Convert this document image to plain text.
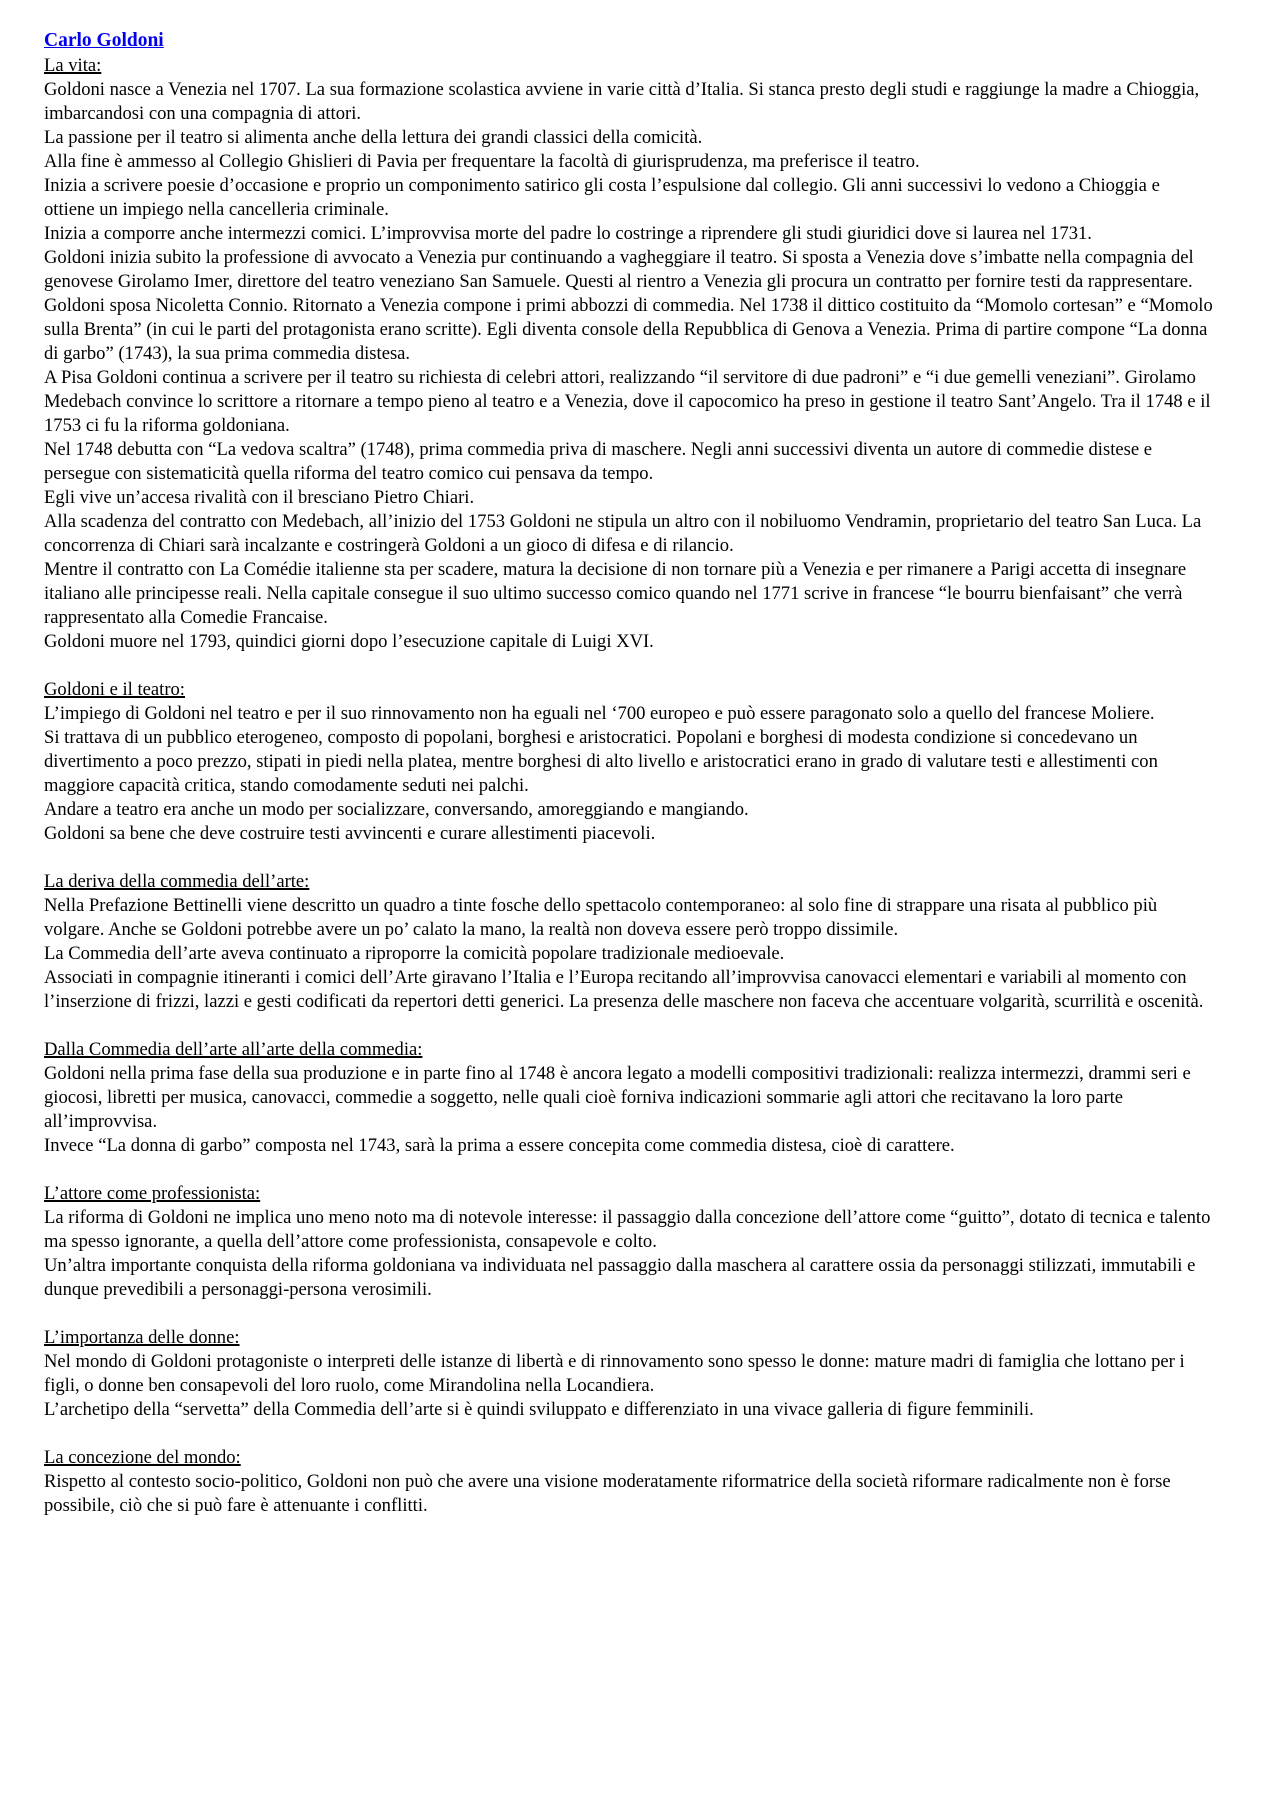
Carlo Goldoni
La vita:

Goldoni nasce a Venezia nel 1707. La sua formazione scolastica avviene in varie città d’Italia. Si stanca presto degli studi e raggiunge la madre a Chioggia, imbarcandosi con una compagnia di attori.

La passione per il teatro si alimenta anche della lettura dei grandi classici della comicità.

Alla fine è ammesso al Collegio Ghislieri di Pavia per frequentare la facoltà di giurisprudenza, ma preferisce il teatro.

Inizia a scrivere poesie d’occasione e proprio un componimento satirico gli costa l’espulsione dal collegio. Gli anni successivi lo vedono a Chioggia e ottiene un impiego nella cancelleria criminale.

Inizia a comporre anche intermezzi comici. L’improvvisa morte del padre lo costringe a riprendere gli studi giuridici dove si laurea nel 1731.

Goldoni inizia subito la professione di avvocato a Venezia pur continuando a vagheggiare il teatro. Si sposta a Venezia dove s’imbatte nella compagnia del genovese Girolamo Imer, direttore del teatro veneziano San Samuele. Questi al rientro a Venezia gli procura un contratto per fornire testi da rappresentare.

Goldoni sposa Nicoletta Connio. Ritornato a Venezia compone i primi abbozzi di commedia. Nel 1738 il dittico costituito da “Momolo cortesan” e “Momolo sulla Brenta” (in cui le parti del protagonista erano scritte). Egli diventa console della Repubblica di Genova a Venezia. Prima di partire compone “La donna di garbo” (1743), la sua prima commedia distesa.

A Pisa Goldoni continua a scrivere per il teatro su richiesta di celebri attori, realizzando “il servitore di due padroni” e “i due gemelli veneziani”. Girolamo Medebach convince lo scrittore a ritornare a tempo pieno al teatro e a Venezia, dove il capocomico ha preso in gestione il teatro Sant’Angelo. Tra il 1748 e il 1753 ci fu la riforma goldoniana.

Nel 1748 debutta con “La vedova scaltra” (1748), prima commedia priva di maschere. Negli anni successivi diventa un autore di commedie distese e persegue con sistematicità quella riforma del teatro comico cui pensava da tempo.

Egli vive un’accesa rivalità con il bresciano Pietro Chiari.

Alla scadenza del contratto con Medebach, all’inizio del 1753 Goldoni ne stipula un altro con il nobiluomo Vendramin, proprietario del teatro San Luca. La concorrenza di Chiari sarà incalzante e costringerà Goldoni a un gioco di difesa e di rilancio.

Mentre il contratto con La Comédie italienne sta per scadere, matura la decisione di non tornare più a Venezia e per rimanere a Parigi accetta di insegnare italiano alle principesse reali. Nella capitale consegue il suo ultimo successo comico quando nel 1771 scrive in francese “le bourru bienfaisant” che verrà rappresentato alla Comedie Francaise.

Goldoni muore nel 1793, quindici giorni dopo l’esecuzione capitale di Luigi XVI.

Goldoni e il teatro:

L’impiego di Goldoni nel teatro e per il suo rinnovamento non ha eguali nel ‘700 europeo e può essere paragonato solo a quello del francese Moliere.

Si trattava di un pubblico eterogeneo, composto di popolani, borghesi e aristocratici. Popolani e borghesi di modesta condizione si concedevano un divertimento a poco prezzo, stipati in piedi nella platea, mentre borghesi di alto livello e aristocratici erano in grado di valutare testi e allestimenti con maggiore capacità critica, stando comodamente seduti nei palchi.

Andare a teatro era anche un modo per socializzare, conversando, amoreggiando e mangiando.

Goldoni sa bene che deve costruire testi avvincenti e curare allestimenti piacevoli.

La deriva della commedia dell’arte:

Nella Prefazione Bettinelli viene descritto un quadro a tinte fosche dello spettacolo contemporaneo: al solo fine di strappare una risata al pubblico più volgare. Anche se Goldoni potrebbe avere un po’ calato la mano, la realtà non doveva essere però troppo dissimile.

La Commedia dell’arte aveva continuato a riproporre la comicità popolare tradizionale medioevale.

Associati in compagnie itineranti i comici dell’Arte giravano l’Italia e l’Europa recitando all’improvvisa canovacci elementari e variabili al momento con l’inserzione di frizzi, lazzi e gesti codificati da repertori detti generici. La presenza delle maschere non faceva che accentuare volgarità, scurrilità e oscenità.

Dalla Commedia dell’arte all’arte della commedia:

Goldoni nella prima fase della sua produzione e in parte fino al 1748 è ancora legato a modelli compositivi tradizionali: realizza intermezzi, drammi seri e giocosi, libretti per musica, canovacci, commedie a soggetto, nelle quali cioè forniva indicazioni sommarie agli attori che recitavano la loro parte all’improvvisa.

Invece “La donna di garbo” composta nel 1743, sarà la prima a essere concepita come commedia distesa, cioè di carattere.

L’attore come professionista:

La riforma di Goldoni ne implica uno meno noto ma di notevole interesse: il passaggio dalla concezione dell’attore come “guitto”, dotato di tecnica e talento ma spesso ignorante, a quella dell’attore come professionista, consapevole e colto.

Un’altra importante conquista della riforma goldoniana va individuata nel passaggio dalla maschera al carattere ossia da personaggi stilizzati, immutabili e dunque prevedibili a personaggi-persona verosimili.

L’importanza delle donne:

Nel mondo di Goldoni protagoniste o interpreti delle istanze di libertà e di rinnovamento sono spesso le donne: mature madri di famiglia che lottano per i figli, o donne ben consapevoli del loro ruolo, come Mirandolina nella Locandiera.

L’archetipo della “servetta” della Commedia dell’arte si è quindi sviluppato e differenziato in una vivace galleria di figure femminili.

La concezione del mondo:

Rispetto al contesto socio-politico, Goldoni non può che avere una visione moderatamente riformatrice della società riformare radicalmente non è forse possibile, ciò che si può fare è attenuante i conflitti.
